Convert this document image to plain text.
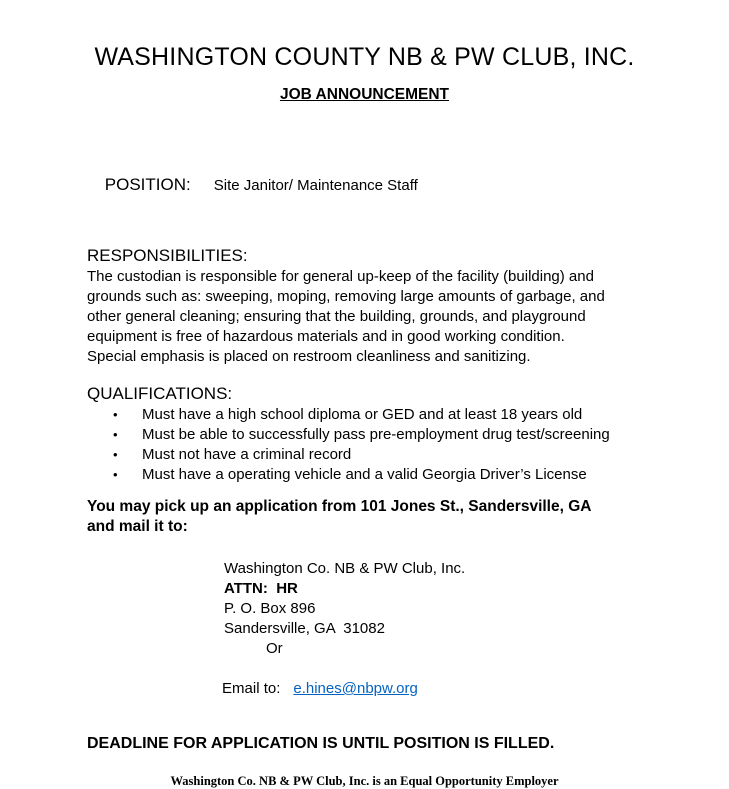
WASHINGTON COUNTY NB & PW CLUB, INC.
JOB ANNOUNCEMENT

POSITION: Site Janitor/ Maintenance Staff

RESPONSIBILITIES:
The custodian is responsible for general up-keep of the facility (building) and
grounds such as: sweeping, moping, removing large amounts of garbage, and
other general cleaning; ensuring that the building, grounds, and playground
equipment is free of hazardous materials and in good working condition.
Special emphasis is placed on restroom cleanliness and sanitizing.
QUALIFICATIONS:
•	Must have a high school diploma or GED and at least 18 years old
•	Must be able to successfully pass pre-employment drug test/screening
•	Must not have a criminal record
•	Must have a operating vehicle and a valid Georgia Driver’s License
You may pick up an application from 101 Jones St., Sandersville, GA
and mail it to:
Washington Co. NB & PW Club, Inc.
ATTN:  HR
P. O. Box 896
Sandersville, GA  31082
Or

Email to: e.hines@nbpw.org

DEADLINE FOR APPLICATION IS UNTIL POSITION IS FILLED.
Washington Co. NB & PW Club, Inc. is an Equal Opportunity Employer
